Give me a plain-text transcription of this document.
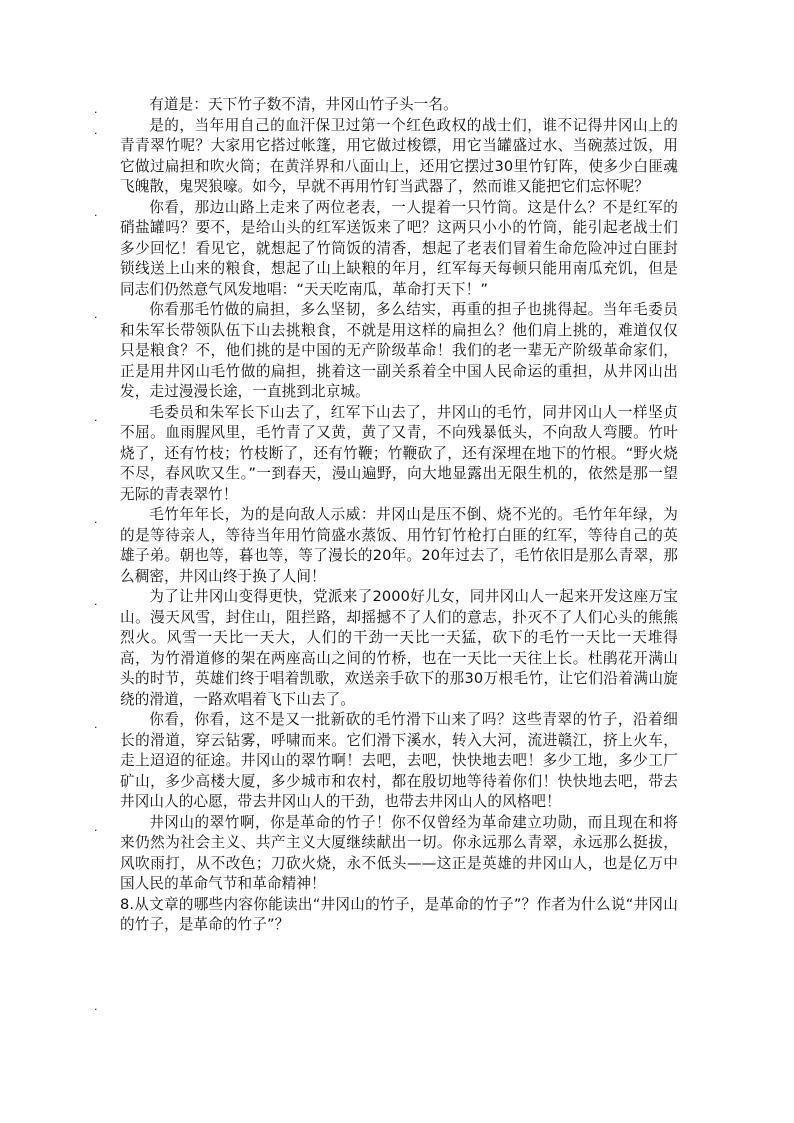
.	有道是：天下竹子数不清，井冈山竹子头一名。

.	是的，当年用自己的血汗保卫过第一个红色政权的战士们，谁不记得井冈山上的青青翠竹呢？大家用它搭过帐篷，用它做过梭镖，用它当罐盛过水、当碗蒸过饭，用它做过扁担和吹火筒；在黄洋界和八面山上，还用它摆过30里竹钉阵，使多少白匪魂飞魄散，鬼哭狼嚎。如今，早就不再用竹钉当武器了，然而谁又能把它们忘怀呢？

.	你看，那边山路上走来了两位老表，一人提着一只竹筒。这是什么？不是红军的硝盐罐吗？要不，是给山头的红军送饭来了吧？这两只小小的竹筒，能引起老战士们多少回忆！看见它，就想起了竹筒饭的清香，想起了老表们冒着生命危险冲过白匪封锁线送上山来的粮食，想起了山上缺粮的年月，红军每天每顿只能用南瓜充饥，但是同志们仍然意气风发地唱：“天天吃南瓜，革命打天下！”

.	你看那毛竹做的扁担，多么坚韧，多么结实，再重的担子也挑得起。当年毛委员和朱军长带领队伍下山去挑粮食，不就是用这样的扁担么？他们肩上挑的，难道仅仅只是粮食？不，他们挑的是中国的无产阶级革命！我们的老一辈无产阶级革命家们，正是用井冈山毛竹做的扁担，挑着这一副关系着全中国人民命运的重担，从井冈山出发，走过漫漫长途，一直挑到北京城。

.	毛委员和朱军长下山去了，红军下山去了，井冈山的毛竹，同井冈山人一样坚贞不屈。血雨腥风里，毛竹青了又黄，黄了又青，不向残暴低头，不向敌人弯腰。竹叶烧了，还有竹枝；竹枝断了，还有竹鞭；竹鞭砍了，还有深埋在地下的竹根。“野火烧不尽，春风吹又生。”一到春天，漫山遍野，向大地显露出无限生机的，依然是那一望无际的青表翠竹！

.	毛竹年年长，为的是向敌人示威：井冈山是压不倒、烧不光的。毛竹年年绿，为的是等待亲人，等待当年用竹筒盛水蒸饭、用竹钉竹枪打白匪的红军，等待自己的英雄子弟。朝也等，暮也等，等了漫长的20年。20年过去了，毛竹依旧是那么青翠，那么稠密，井冈山终于换了人间！

.	为了让井冈山变得更快，党派来了2000好儿女，同井冈山人一起来开发这座万宝山。漫天风雪，封住山，阻拦路，却摇撼不了人们的意志，扑灭不了人们心头的熊熊烈火。风雪一天比一天大，人们的干劲一天比一天猛，砍下的毛竹一天比一天堆得高，为竹滑道修的架在两座高山之间的竹桥，也在一天比一天往上长。杜鹃花开满山头的时节，英雄们终于唱着凯歌，欢送亲手砍下的那30万根毛竹，让它们沿着满山旋绕的滑道，一路欢唱着飞下山去了。

.	你看，你看，这不是又一批新砍的毛竹滑下山来了吗？这些青翠的竹子，沿着细长的滑道，穿云钻雾，呼啸而来。它们滑下溪水，转入大河，流进赣江，挤上火车，走上迢迢的征途。井冈山的翠竹啊！去吧，去吧，快快地去吧！多少工地，多少工厂矿山，多少高楼大厦，多少城市和农村，都在殷切地等待着你们！快快地去吧，带去井冈山人的心愿，带去井冈山人的干劲，也带去井冈山人的风格吧！

.	井冈山的翠竹啊，你是革命的竹子！你不仅曾经为革命建立功勋，而且现在和将来仍然为社会主义、共产主义大厦继续献出一切。你永远那么青翠，永远那么挺拔，风吹雨打，从不改色；刀砍火烧，永不低头——这正是英雄的井冈山人，也是亿万中国人民的革命气节和革命精神！

8.从文章的哪些内容你能读出“井冈山的竹子，是革命的竹子”？作者为什么说“井冈山的竹子，是革命的竹子”？

.
